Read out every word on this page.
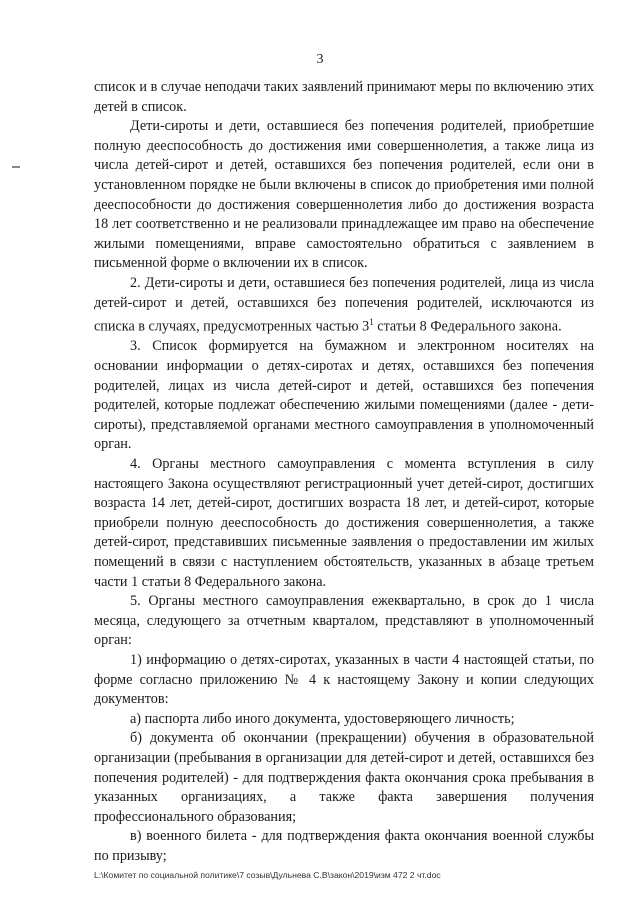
3

список и в случае неподачи таких заявлений принимают меры по включению этих детей в список.

Дети-сироты и дети, оставшиеся без попечения родителей, приобретшие полную дееспособность до достижения ими совершеннолетия, а также лица из числа детей-сирот и детей, оставшихся без попечения родителей, если они в установленном порядке не были включены в список до приобретения ими полной дееспособности до достижения совершеннолетия либо до достижения возраста 18 лет соответственно и не реализовали принадлежащее им право на обеспечение жилыми помещениями, вправе самостоятельно обратиться с заявлением в письменной форме о включении их в список.

2. Дети-сироты и дети, оставшиеся без попечения родителей, лица из числа детей-сирот и детей, оставшихся без попечения родителей, исключаются из списка в случаях, предусмотренных частью $3^1$ статьи 8 Федерального закона.

3. Список формируется на бумажном и электронном носителях на основании информации о детях-сиротах и детях, оставшихся без попечения родителей, лицах из числа детей-сирот и детей, оставшихся без попечения родителей, которые подлежат обеспечению жилыми помещениями (далее - дети-сироты), представляемой органами местного самоуправления в уполномоченный орган.

4. Органы местного самоуправления с момента вступления в силу настоящего Закона осуществляют регистрационный учет детей-сирот, достигших возраста 14 лет, детей-сирот, достигших возраста 18 лет, и детей-сирот, которые приобрели полную дееспособность до достижения совершеннолетия, а также детей-сирот, представивших письменные заявления о предоставлении им жилых помещений в связи с наступлением обстоятельств, указанных в абзаце третьем части 1 статьи 8 Федерального закона.

5. Органы местного самоуправления ежеквартально, в срок до 1 числа месяца, следующего за отчетным кварталом, представляют в уполномоченный орган:

1) информацию о детях-сиротах, указанных в части 4 настоящей статьи, по форме согласно приложению № 4 к настоящему Закону и копии следующих документов:

а) паспорта либо иного документа, удостоверяющего личность;

б) документа об окончании (прекращении) обучения в образовательной организации (пребывания в организации для детей-сирот и детей, оставшихся без попечения родителей) - для подтверждения факта окончания срока пребывания в указанных организациях, а также факта завершения получения профессионального образования;

в) военного билета - для подтверждения факта окончания военной службы по призыву;

L:\Комитет по социальной политике\7 созыв\Дульнева С.В\закон\2019\изм 472 2 чт.doc
